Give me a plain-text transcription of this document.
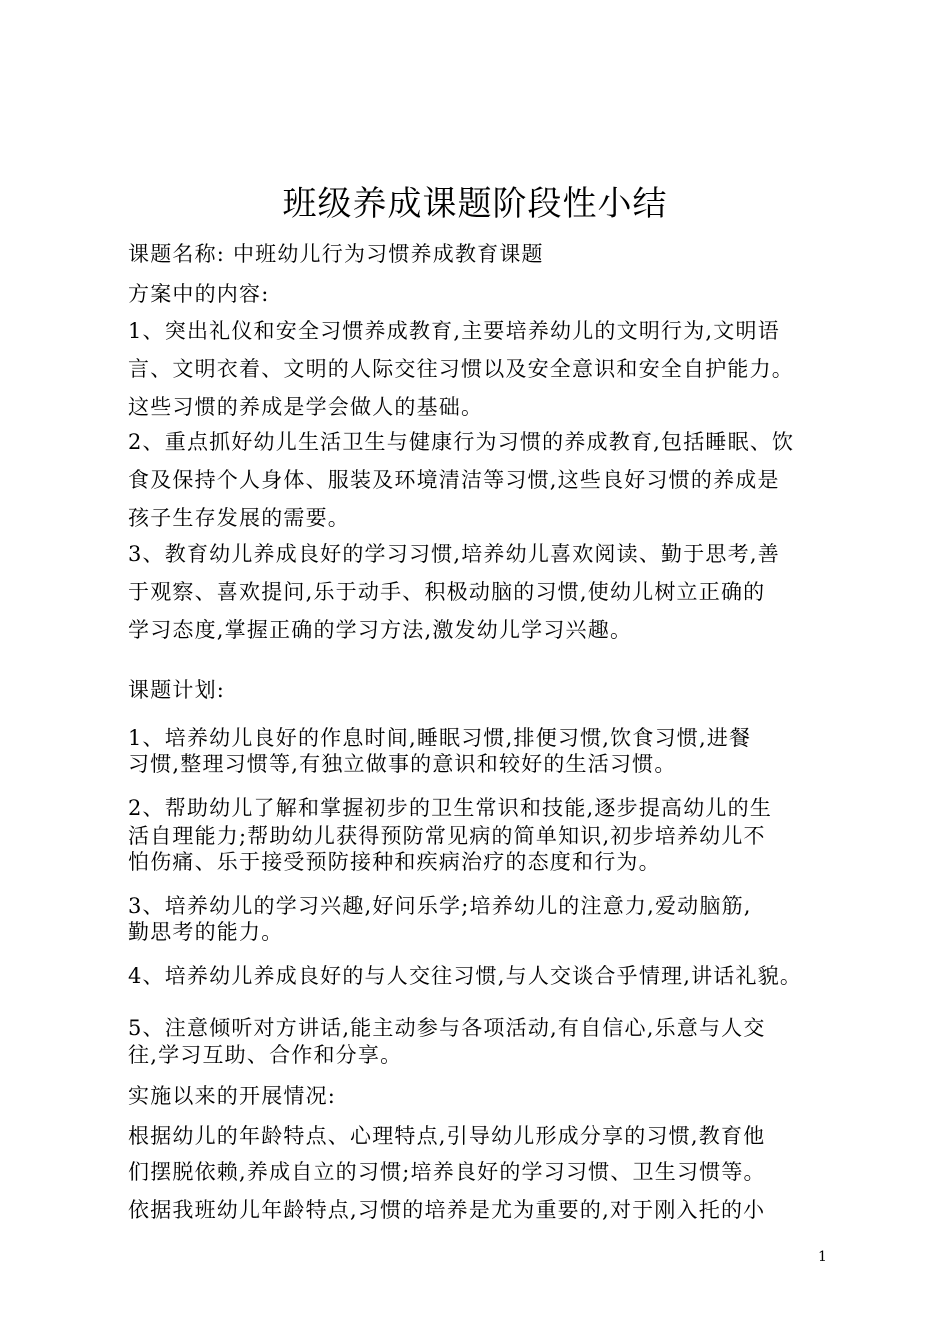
班级养成课题阶段性小结
课题名称: 中班幼儿行为习惯养成教育课题
方案中的内容:
1、突出礼仪和安全习惯养成教育,主要培养幼儿的文明行为,文明语
言、文明衣着、文明的人际交往习惯以及安全意识和安全自护能力。
这些习惯的养成是学会做人的基础。
2、重点抓好幼儿生活卫生与健康行为习惯的养成教育,包括睡眠、饮
食及保持个人身体、服装及环境清洁等习惯,这些良好习惯的养成是
孩子生存发展的需要。
3、教育幼儿养成良好的学习习惯,培养幼儿喜欢阅读、勤于思考,善
于观察、喜欢提问,乐于动手、积极动脑的习惯,使幼儿树立正确的
学习态度,掌握正确的学习方法,激发幼儿学习兴趣。
课题计划:
1、培养幼儿良好的作息时间,睡眠习惯,排便习惯,饮食习惯,进餐
习惯,整理习惯等,有独立做事的意识和较好的生活习惯。
2、帮助幼儿了解和掌握初步的卫生常识和技能,逐步提高幼儿的生
活自理能力;帮助幼儿获得预防常见病的简单知识,初步培养幼儿不
怕伤痛、乐于接受预防接种和疾病治疗的态度和行为。
3、培养幼儿的学习兴趣,好问乐学;培养幼儿的注意力,爱动脑筋,
勤思考的能力。
4、培养幼儿养成良好的与人交往习惯,与人交谈合乎情理,讲话礼貌。
5、注意倾听对方讲话,能主动参与各项活动,有自信心,乐意与人交
往,学习互助、合作和分享。
实施以来的开展情况:
根据幼儿的年龄特点、心理特点,引导幼儿形成分享的习惯,教育他
们摆脱依赖,养成自立的习惯;培养良好的学习习惯、卫生习惯等。
依据我班幼儿年龄特点,习惯的培养是尤为重要的,对于刚入托的小
1
